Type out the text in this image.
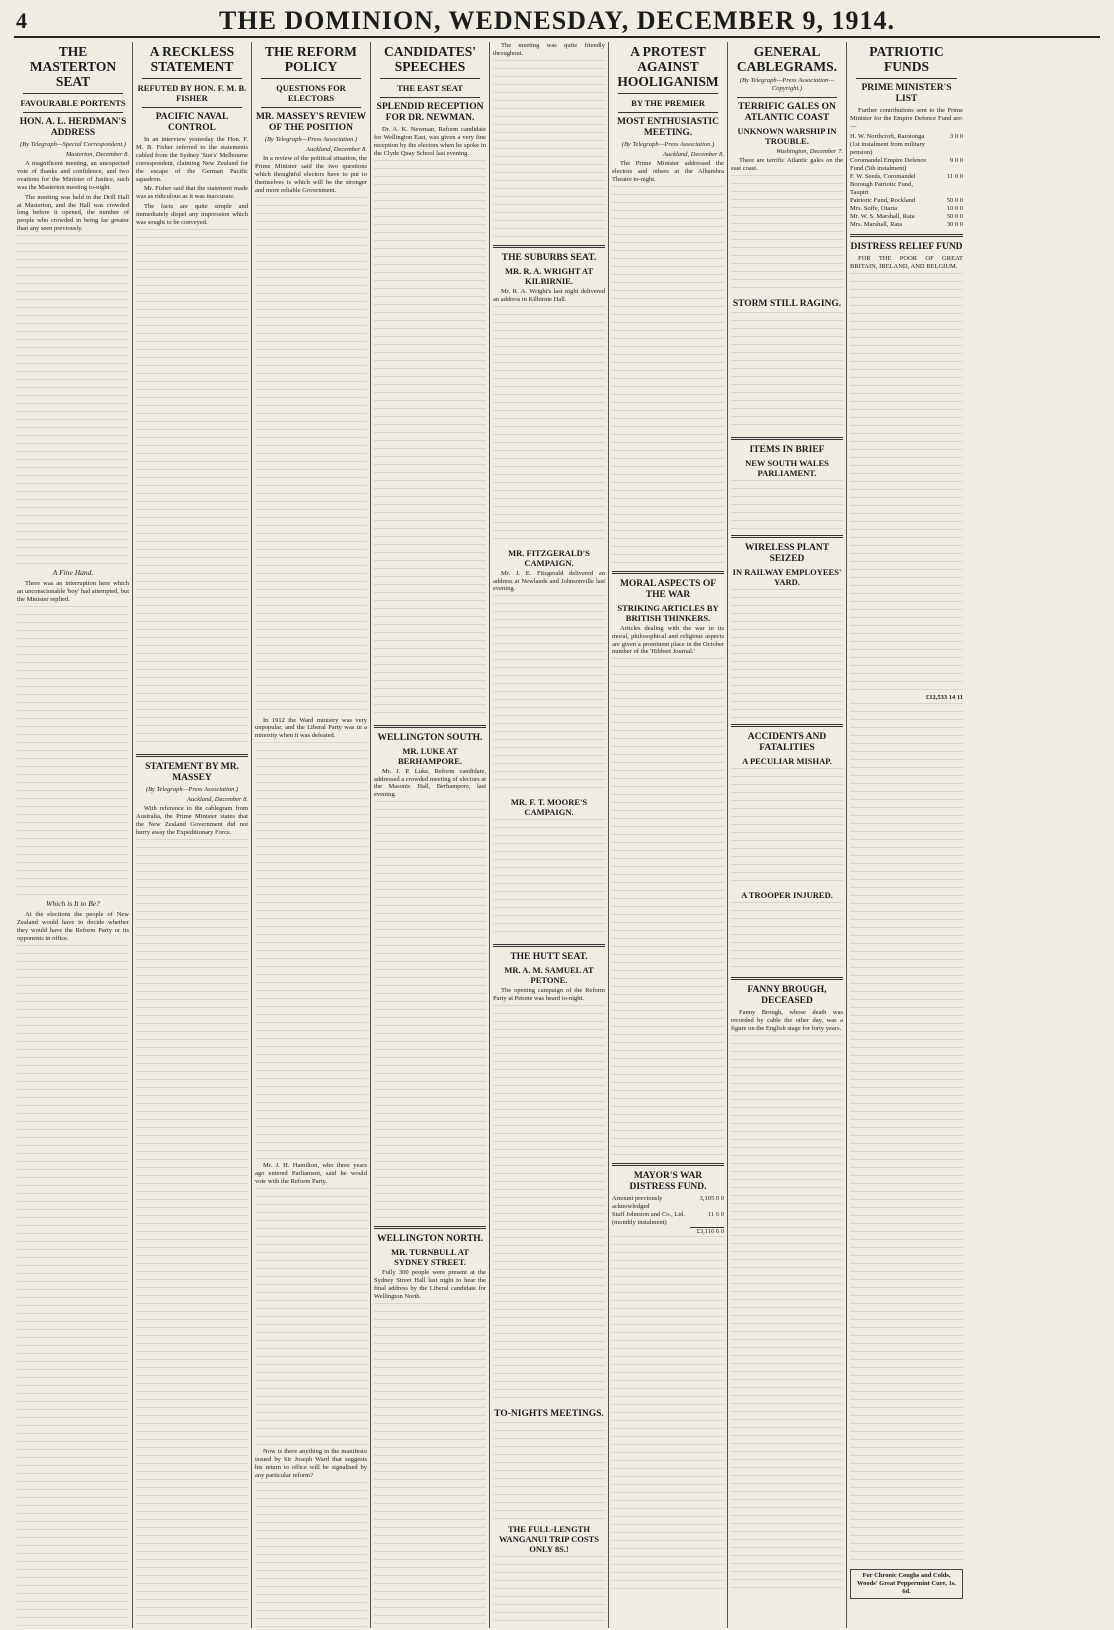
4	THE DOMINION, WEDNESDAY, DECEMBER 9, 1914.
THE MASTERTON SEAT
FAVOURABLE PORTENTS
HON. A. L. HERDMAN'S ADDRESS
(By Telegraph—Special Correspondent.)
Masterton, December 8.

A magnificent meeting, an unexpected vote of thanks and confidence, and two ovations for the Minister of Justice, such was the Masterton meeting to-night.

The meeting was held in the Drill Hall at Masterton, and the Hall was crowded long before it opened, the number of people who crowded in being far greater than any seen previously.

A Fine Hand.

There was an interruption here which an unconscionable 'boy' had attempted, but the Minister replied.

Which is It to Be?

At the elections the people of New Zealand would have to decide whether they would have the Reform Party or its opponents in office.

A RECKLESS STATEMENT
REFUTED BY HON. F. M. B. FISHER
PACIFIC NAVAL CONTROL

In an interview yesterday the Hon. F. M. B. Fisher referred to the statements cabled from the Sydney 'Sun's' Melbourne correspondent, claiming New Zealand for the escape of the German Pacific squadron.

Mr. Fisher said that the statement made was as ridiculous as it was inaccurate.

The facts are quite simple and immediately dispel any impression which was sought to be conveyed.

STATEMENT BY MR. MASSEY
(By Telegraph—Press Association.)
Auckland, December 8.

With reference to the cablegram from Australia, the Prime Minister states that the New Zealand Government did not hurry away the Expeditionary Force.

THE REFORM POLICY
QUESTIONS FOR ELECTORS
MR. MASSEY'S REVIEW OF THE POSITION
(By Telegraph—Press Association.)
Auckland, December 8.

In a review of the political situation, the Prime Minister said the two questions which thoughtful electors have to put to themselves is which will be the stronger and more reliable Government.

In 1912 the Ward ministry was very unpopular, and the Liberal Party was in a minority when it was defeated.

Mr. J. H. Hamilton, who three years ago entered Parliament, said he would vote with the Reform Party.

Now is there anything in the manifesto issued by Sir Joseph Ward that suggests his return to office will be signalised by any particular reform?

CANDIDATES' SPEECHES
THE EAST SEAT
SPLENDID RECEPTION FOR DR. NEWMAN.

Dr. A. K. Newman, Reform candidate for Wellington East, was given a very fine reception by the electors when he spoke in the Clyde Quay School last evening.

WELLINGTON SOUTH.
MR. LUKE AT BERHAMPORE.

Mr. J. P. Luke, Reform candidate, addressed a crowded meeting of electors at the Masonic Hall, Berhampore, last evening.

WELLINGTON NORTH.
MR. TURNBULL AT SYDNEY STREET.

Fully 300 people were present at the Sydney Street Hall last night to hear the final address by the Liberal candidate for Wellington North.

The meeting was quite friendly throughout.

THE SUBURBS SEAT.
MR. R. A. WRIGHT AT KILBIRNIE.

Mr. R. A. Wright's last night delivered an address in Kilbirnie Hall.

MR. FITZGERALD'S CAMPAIGN.

Mr. J. E. Fitzgerald delivered an address at Newlands and Johnsonville last evening.

MR. F. T. MOORE'S CAMPAIGN.
THE HUTT SEAT.
MR. A. M. SAMUEL AT PETONE.

The opening campaign of the Reform Party at Petone was heard to-night.

TO-NIGHTS MEETINGS.
THE FULL-LENGTH WANGANUI TRIP COSTS ONLY 8S.!
A PROTEST AGAINST HOOLIGANISM
BY THE PREMIER
MOST ENTHUSIASTIC MEETING.
(By Telegraph—Press Association.)
Auckland, December 8.

The Prime Minister addressed the electors and others at the Alhambra Theatre to-night.

MORAL ASPECTS OF THE WAR
STRIKING ARTICLES BY BRITISH THINKERS.

Articles dealing with the war in its moral, philosophical and religious aspects are given a prominent place in the October number of the 'Hibbert Journal.'

MAYOR'S WAR DISTRESS FUND.
Amount previously acknowledged	3,105 0 0
Staff Johnston and Co., Ltd. (monthly instalment)	11 6 0
	£3,116 6 0
GENERAL CABLEGRAMS.
(By Telegraph—Press Association—Copyright.)
TERRIFIC GALES ON ATLANTIC COAST
UNKNOWN WARSHIP IN TROUBLE.
Washington, December 7.

There are terrific Atlantic gales on the east coast.

STORM STILL RAGING.
ITEMS IN BRIEF
NEW SOUTH WALES PARLIAMENT.
WIRELESS PLANT SEIZED
IN RAILWAY EMPLOYEES' YARD.
ACCIDENTS AND FATALITIES
A PECULIAR MISHAP.
A TROOPER INJURED.
FANNY BROUGH, DECEASED

Fanny Brough, whose death was recorded by cable the other day, was a figure on the English stage for forty years.

PATRIOTIC FUNDS
PRIME MINISTER'S LIST

Further contributions sent to the Prime Minister for the Empire Defence Fund are:—

H. W. Northcroft, Rarotonga (1st instalment from military pension)	3 0 0
Coromandel Empire Defence Fund (5th instalment)	9 0 0
F. W. Seeds, Coromandel Borough Patriotic Fund, Taupiri	11 0 0
Patriotic Fund, Rockland	50 0 0
Mrs. Soffe, Otaria	10 0 0
Mr. W. S. Marshall, Rata	50 0 0
Mrs. Marshall, Rata	30 0 0
DISTRESS RELIEF FUND

FOR THE POOR OF GREAT BRITAIN, IRELAND, AND BELGIUM.

£12,533 14 11
For Chronic Coughs and Colds, Woods' Great Peppermint Cure, 1s. 6d.
